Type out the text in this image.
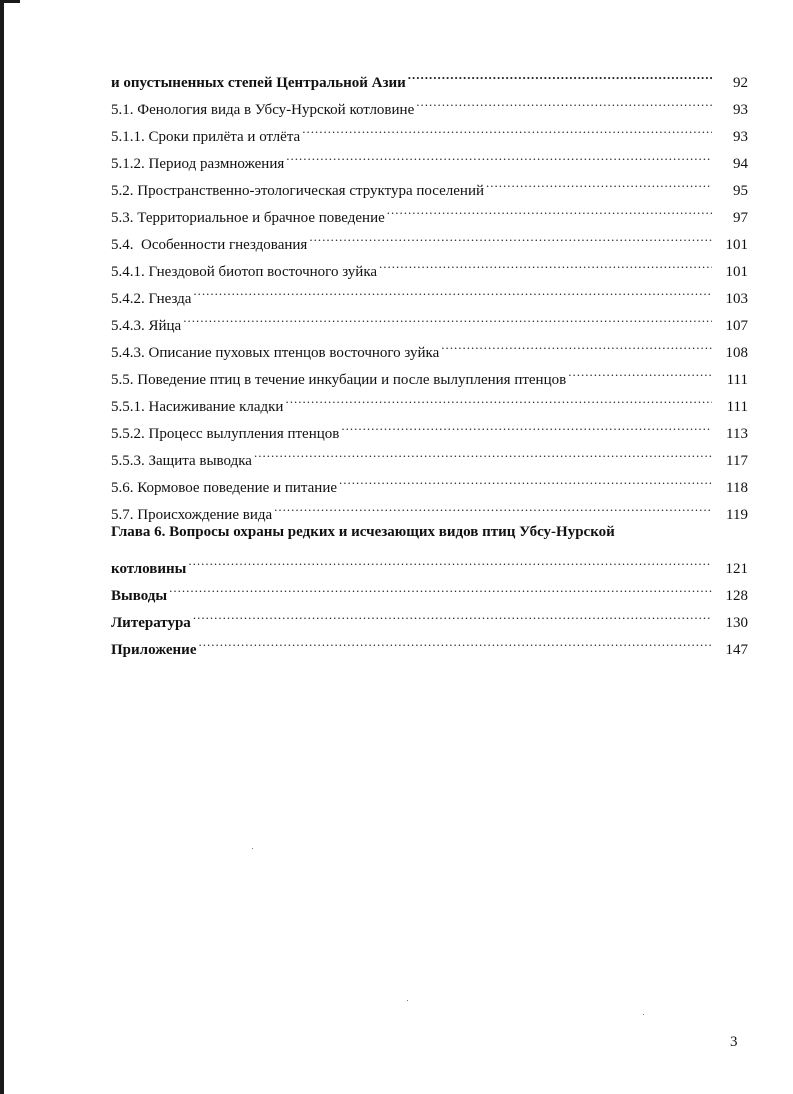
и опустыненных степей Центральной Азии .....	92
5.1. Фенология вида в Убсу-Нурской котловине .....	93
5.1.1. Сроки прилёта и отлёта .....	93
5.1.2. Период размножения .....	94
5.2. Пространственно-этологическая структура поселений .....	95
5.3. Территориальное и брачное поведение .....	97
5.4.  Особенности гнездования .....	101
5.4.1. Гнездовой биотоп восточного зуйка .....	101
5.4.2. Гнезда .....	103
5.4.3. Яйца .....	107
5.4.3. Описание пуховых птенцов восточного зуйка .....	108
5.5. Поведение птиц в течение инкубации и после вылупления птенцов .....	111
5.5.1. Насиживание кладки .....	111
5.5.2. Процесс вылупления птенцов .....	113
5.5.3. Защита выводка .....	117
5.6. Кормовое поведение и питание .....	118
5.7. Происхождение вида .....	119
Глава 6. Вопросы охраны редких и исчезающих видов птиц Убсу-Нурской
котловины .....	121
Выводы .....	128
Литература .....	130
Приложение .....	147
3
